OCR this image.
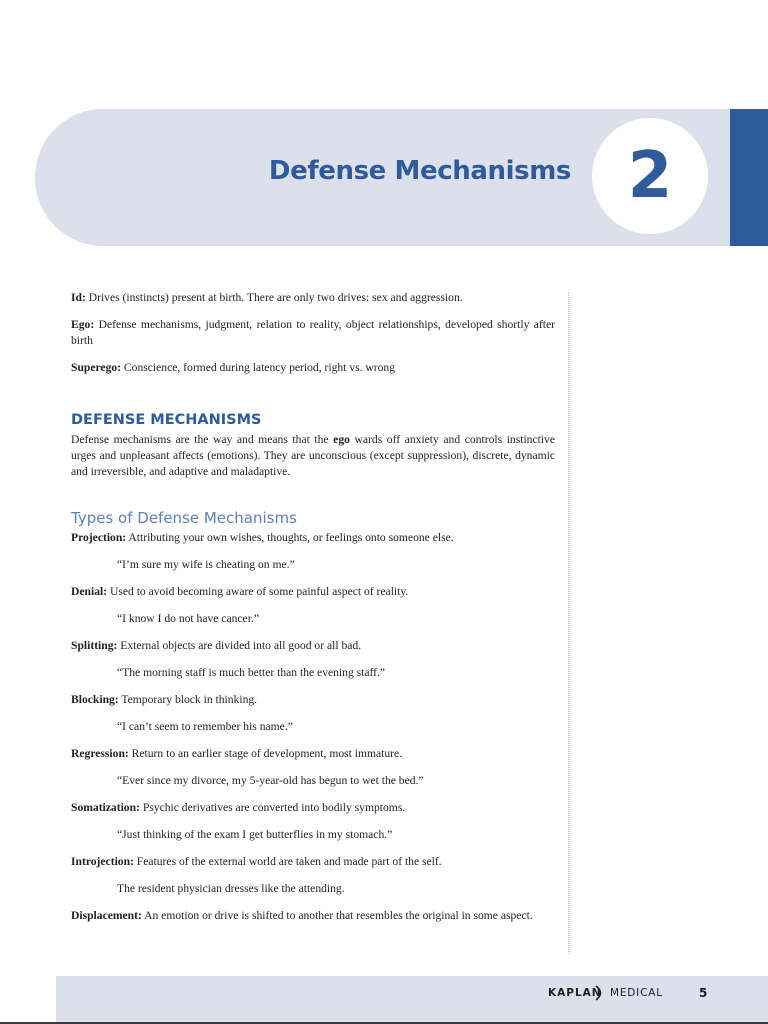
Defense Mechanisms 2

Id: Drives (instincts) present at birth. There are only two drives: sex and aggression.

Ego: Defense mechanisms, judgment, relation to reality, object relationships, developed shortly after birth

Superego: Conscience, formed during latency period, right vs. wrong

DEFENSE MECHANISMS

Defense mechanisms are the way and means that the ego wards off anxiety and controls instinctive urges and unpleasant affects (emotions). They are unconscious (except suppression), discrete, dynamic and irreversible, and adaptive and maladaptive.

Types of Defense Mechanisms

Projection: Attributing your own wishes, thoughts, or feelings onto someone else.

“I’m sure my wife is cheating on me.”

Denial: Used to avoid becoming aware of some painful aspect of reality.

“I know I do not have cancer.”

Splitting: External objects are divided into all good or all bad.

“The morning staff is much better than the evening staff.”

Blocking: Temporary block in thinking.

“I can’t seem to remember his name.”

Regression: Return to an earlier stage of development, most immature.

“Ever since my divorce, my 5-year-old has begun to wet the bed.”

Somatization: Psychic derivatives are converted into bodily symptoms.

“Just thinking of the exam I get butterflies in my stomach.”

Introjection: Features of the external world are taken and made part of the self.

The resident physician dresses like the attending.

Displacement: An emotion or drive is shifted to another that resembles the original in some aspect.

KAPLAN MEDICAL	5
